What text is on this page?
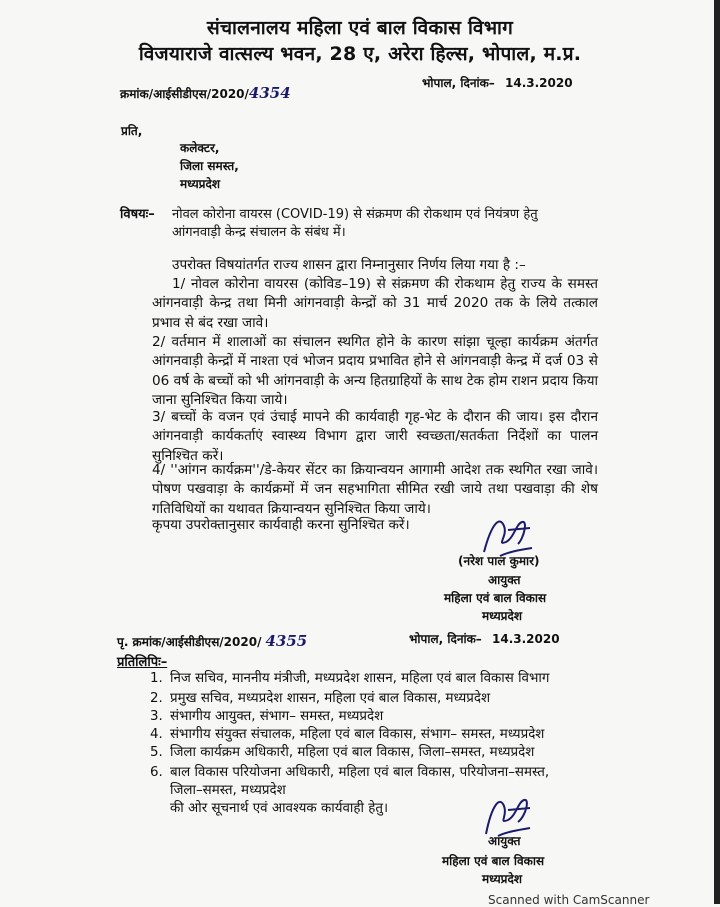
संचालनालय महिला एवं बाल विकास विभाग
विजयाराजे वात्सल्य भवन, 28 ए, अरेरा हिल्स, भोपाल, म.प्र.
क्रमांक/आईसीडीएस/2020/4354
भोपाल, दिनांक– 14.3.2020
प्रति,
कलेक्टर,
जिला समस्त,
मध्यप्रदेश
विषयः– नोवल कोरोना वायरस (COVID-19) से संक्रमण की रोकथाम एवं नियंत्रण हेतु
आंगनवाड़ी केन्द्र संचालन के संबंध में।
उपरोक्त विषयांतर्गत राज्य शासन द्वारा निम्नानुसार निर्णय लिया गया है :–
1/ नोवल कोरोना वायरस (कोविड–19) से संक्रमण की रोकथाम हेतु राज्य के समस्त आंगनवाड़ी केन्द्र तथा मिनी आंगनवाड़ी केन्द्रों को 31 मार्च 2020 तक के लिये तत्काल प्रभाव से बंद रखा जावे।
2/ वर्तमान में शालाओं का संचालन स्थगित होने के कारण सांझा चूल्हा कार्यक्रम अंतर्गत आंगनवाड़ी केन्द्रों में नाश्ता एवं भोजन प्रदाय प्रभावित होने से आंगनवाड़ी केन्द्र में दर्ज 03 से 06 वर्ष के बच्चों को भी आंगनवाड़ी के अन्य हितग्राहियों के साथ टेक होम राशन प्रदाय किया जाना सुनिश्चित किया जाये।
3/ बच्चों के वजन एवं उंचाई मापने की कार्यवाही गृह-भेट के दौरान की जाय। इस दौरान आंगनवाड़ी कार्यकर्ताएं स्वास्थ्य विभाग द्वारा जारी स्वच्छता/सतर्कता निर्देशों का पालन सुनिश्चित करें।
4/ ''आंगन कार्यक्रम''/डे-केयर सेंटर का क्रियान्वयन आगामी आदेश तक स्थगित रखा जावे। पोषण पखवाड़ा के कार्यक्रमों में जन सहभागिता सीमित रखी जाये तथा पखवाड़ा की शेष गतिविधियों का यथावत क्रियान्वयन सुनिश्चित किया जाये।
कृपया उपरोक्तानुसार कार्यवाही करना सुनिश्चित करें।
(नरेश पाल कुमार)
आयुक्त
महिला एवं बाल विकास
मध्यप्रदेश
पृ. क्रमांक/आईसीडीएस/2020/ 4355	भोपाल, दिनांक– 14.3.2020
प्रतिलिपिः–
1. निज सचिव, माननीय मंत्रीजी, मध्यप्रदेश शासन, महिला एवं बाल विकास विभाग
2. प्रमुख सचिव, मध्यप्रदेश शासन, महिला एवं बाल विकास, मध्यप्रदेश
3. संभागीय आयुक्त, संभाग– समस्त, मध्यप्रदेश
4. संभागीय संयुक्त संचालक, महिला एवं बाल विकास, संभाग– समस्त, मध्यप्रदेश
5. जिला कार्यक्रम अधिकारी, महिला एवं बाल विकास, जिला–समस्त, मध्यप्रदेश
6. बाल विकास परियोजना अधिकारी, महिला एवं बाल विकास, परियोजना–समस्त,
जिला–समस्त, मध्यप्रदेश
की ओर सूचनार्थ एवं आवश्यक कार्यवाही हेतु।
आयुक्त
महिला एवं बाल विकास
मध्यप्रदेश
Scanned with CamScanner
